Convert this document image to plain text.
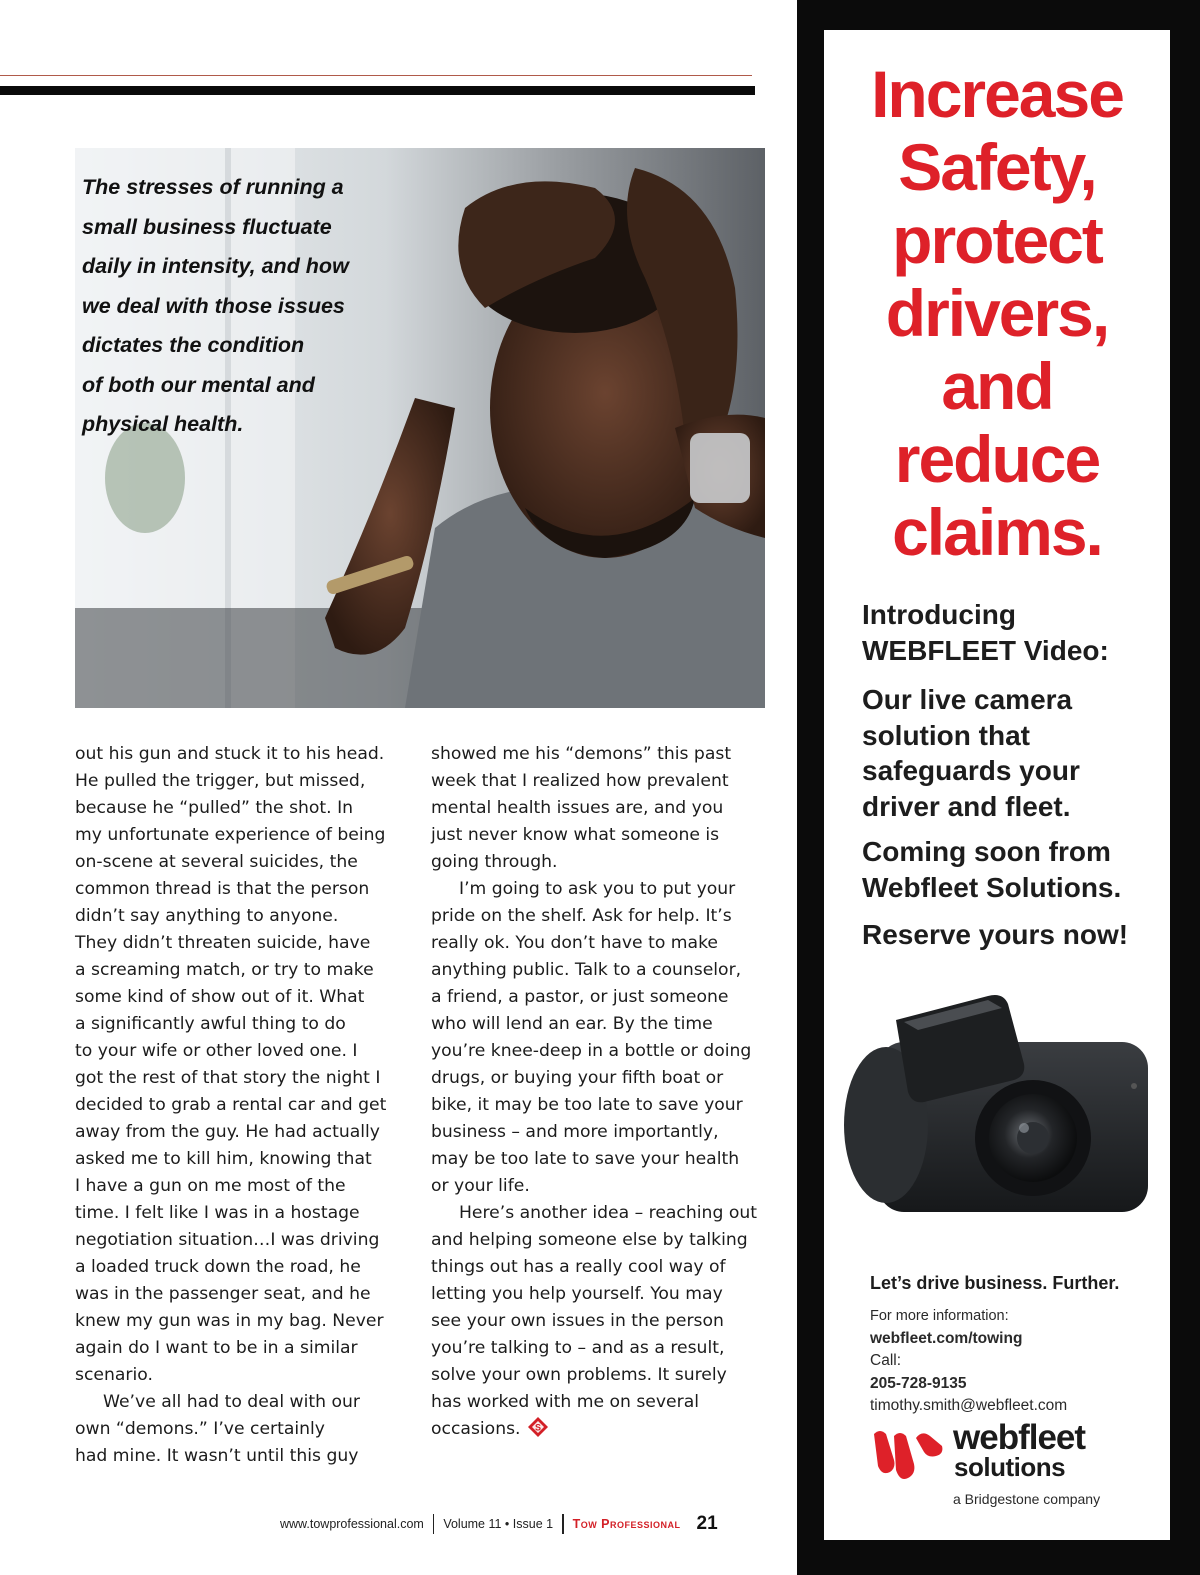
The stresses of running a
small business fluctuate
daily in intensity, and how
we deal with those issues
dictates the condition
of both our mental and
physical health.
out his gun and stuck it to his head.
He pulled the trigger, but missed,
because he “pulled” the shot. In
my unfortunate experience of being
on-scene at several suicides, the
common thread is that the person
didn’t say anything to anyone.
They didn’t threaten suicide, have
a screaming match, or try to make
some kind of show out of it. What
a significantly awful thing to do
to your wife or other loved one. I
got the rest of that story the night I
decided to grab a rental car and get
away from the guy. He had actually
asked me to kill him, knowing that
I have a gun on me most of the
time. I felt like I was in a hostage
negotiation situation…I was driving
a loaded truck down the road, he
was in the passenger seat, and he
knew my gun was in my bag. Never
again do I want to be in a similar
scenario.
We’ve all had to deal with our
own “demons.” I’ve certainly
had mine. It wasn’t until this guy
showed me his “demons” this past
week that I realized how prevalent
mental health issues are, and you
just never know what someone is
going through.
I’m going to ask you to put your
pride on the shelf. Ask for help. It’s
really ok. You don’t have to make
anything public. Talk to a counselor,
a friend, a pastor, or just someone
who will lend an ear. By the time
you’re knee-deep in a bottle or doing
drugs, or buying your fifth boat or
bike, it may be too late to save your
business – and more importantly,
may be too late to save your health
or your life.
Here’s another idea – reaching out
and helping someone else by talking
things out has a really cool way of
letting you help yourself. You may
see your own issues in the person
you’re talking to – and as a result,
solve your own problems. It surely
has worked with me on several
occasions. S
www.towprofessional.com Volume 11 • Issue 1 Tow Professional 21
Increase
Safety,
protect
drivers,
and
reduce
claims.
Introducing
WEBFLEET Video:
Our live camera
solution that
safeguards your
driver and fleet.
Coming soon from
Webfleet Solutions.
Reserve yours now!
Let’s drive business. Further.
For more information:
webfleet.com/towing
Call:
205-728-9135
timothy.smith@webfleet.com
webfleet
solutions
a Bridgestone company
